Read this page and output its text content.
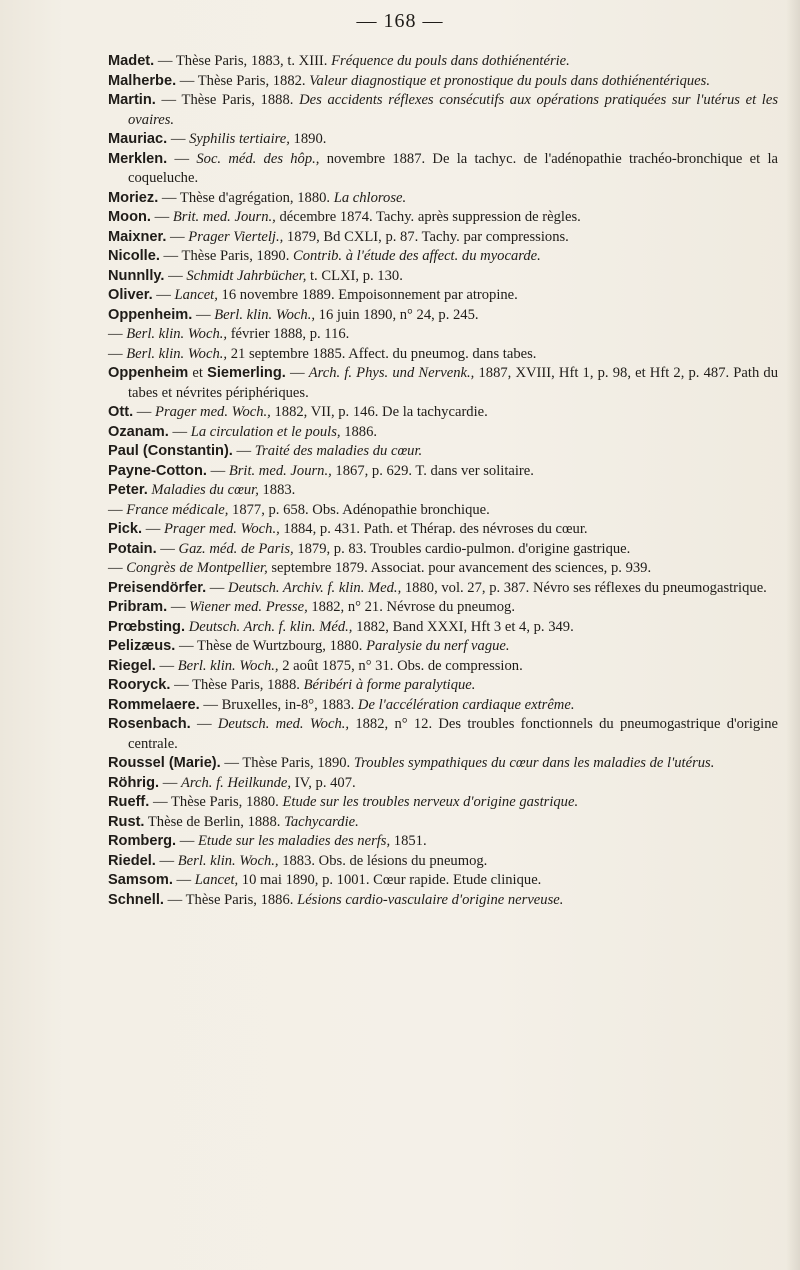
— 168 —

Madet. — Thèse Paris, 1883, t. XIII. Fréquence du pouls dans dothiénentérie.

Malherbe. — Thèse Paris, 1882. Valeur diagnostique et pronostique du pouls dans dothiénentériques.

Martin. — Thèse Paris, 1888. Des accidents réflexes consécutifs aux opérations pratiquées sur l'utérus et les ovaires.

Mauriac. — Syphilis tertiaire, 1890.

Merklen. — Soc. méd. des hôp., novembre 1887. De la tachyc. de l'adénopathie trachéo-bronchique et la coqueluche.

Moriez. — Thèse d'agrégation, 1880. La chlorose.

Moon. — Brit. med. Journ., décembre 1874. Tachy. après suppression de règles.

Maixner. — Prager Viertelj., 1879, Bd CXLI, p. 87. Tachy. par compressions.

Nicolle. — Thèse Paris, 1890. Contrib. à l'étude des affect. du myocarde.

Nunnlly. — Schmidt Jahrbücher, t. CLXI, p. 130.

Oliver. — Lancet, 16 novembre 1889. Empoisonnement par atropine.

Oppenheim. — Berl. klin. Woch., 16 juin 1890, n° 24, p. 245.

— Berl. klin. Woch., février 1888, p. 116.

— Berl. klin. Woch., 21 septembre 1885. Affect. du pneumog. dans tabes.

Oppenheim et Siemerling. — Arch. f. Phys. und Nervenk., 1887, XVIII, Hft 1, p. 98, et Hft 2, p. 487. Path du tabes et névrites périphériques.

Ott. — Prager med. Woch., 1882, VII, p. 146. De la tachycardie.

Ozanam. — La circulation et le pouls, 1886.

Paul (Constantin). — Traité des maladies du cœur.

Payne-Cotton. — Brit. med. Journ., 1867, p. 629. T. dans ver solitaire.

Peter. Maladies du cœur, 1883.

— France médicale, 1877, p. 658. Obs. Adénopathie bronchique.

Pick. — Prager med. Woch., 1884, p. 431. Path. et Thérap. des névroses du cœur.

Potain. — Gaz. méd. de Paris, 1879, p. 83. Troubles cardio-pulmon. d'origine gastrique.

— Congrès de Montpellier, septembre 1879. Associat. pour avancement des sciences, p. 939.

Preisendörfer. — Deutsch. Archiv. f. klin. Med., 1880, vol. 27, p. 387. Névro ses réflexes du pneumogastrique.

Pribram. — Wiener med. Presse, 1882, n° 21. Névrose du pneumog.

Prœbsting. Deutsch. Arch. f. klin. Méd., 1882, Band XXXI, Hft 3 et 4, p. 349.

Pelizæus. — Thèse de Wurtzbourg, 1880. Paralysie du nerf vague.

Riegel. — Berl. klin. Woch., 2 août 1875, n° 31. Obs. de compression.

Rooryck. — Thèse Paris, 1888. Béribéri à forme paralytique.

Rommelaere. — Bruxelles, in-8°, 1883. De l'accélération cardiaque extrême.

Rosenbach. — Deutsch. med. Woch., 1882, n° 12. Des troubles fonctionnels du pneumogastrique d'origine centrale.

Roussel (Marie). — Thèse Paris, 1890. Troubles sympathiques du cœur dans les maladies de l'utérus.

Röhrig. — Arch. f. Heilkunde, IV, p. 407.

Rueff. — Thèse Paris, 1880. Etude sur les troubles nerveux d'origine gastrique.

Rust. Thèse de Berlin, 1888. Tachycardie.

Romberg. — Etude sur les maladies des nerfs, 1851.

Riedel. — Berl. klin. Woch., 1883. Obs. de lésions du pneumog.

Samsom. — Lancet, 10 mai 1890, p. 1001. Cœur rapide. Etude clinique.

Schnell. — Thèse Paris, 1886. Lésions cardio-vasculaire d'origine nerveuse.
